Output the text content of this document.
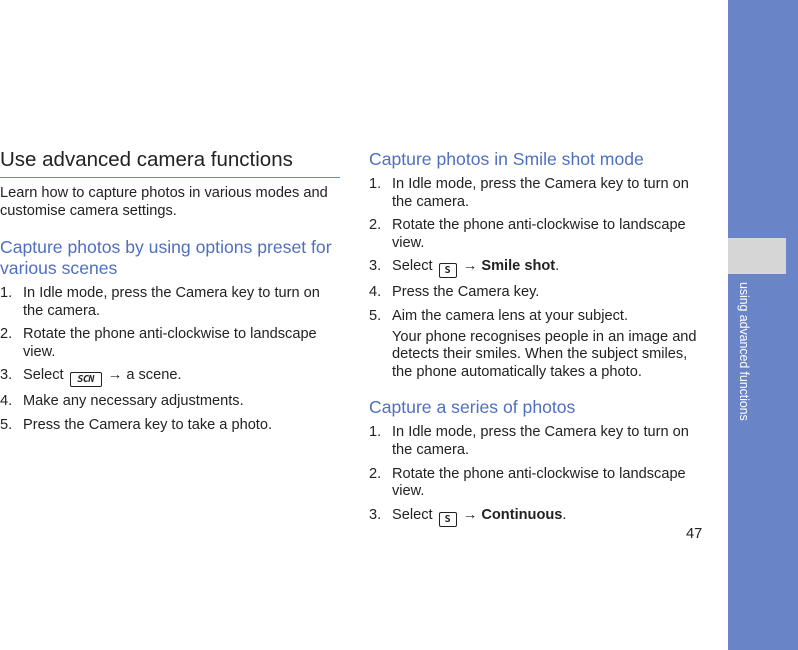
using advanced functions
Use advanced camera functions

Learn how to capture photos in various modes and customise camera settings.

Capture photos by using options preset for various scenes
1. In Idle mode, press the Camera key to turn on the camera.
2. Rotate the phone anti-clockwise to landscape view.
3. Select SCN → a scene.
4. Make any necessary adjustments.
5. Press the Camera key to take a photo.
Capture photos in Smile shot mode
1. In Idle mode, press the Camera key to turn on the camera.
2. Rotate the phone anti-clockwise to landscape view.
3. Select S → Smile shot.
4. Press the Camera key.
5. Aim the camera lens at your subject.
Your phone recognises people in an image and detects their smiles. When the subject smiles, the phone automatically takes a photo.
Capture a series of photos
1. In Idle mode, press the Camera key to turn on the camera.
2. Rotate the phone anti-clockwise to landscape view.
3. Select S → Continuous.
47
